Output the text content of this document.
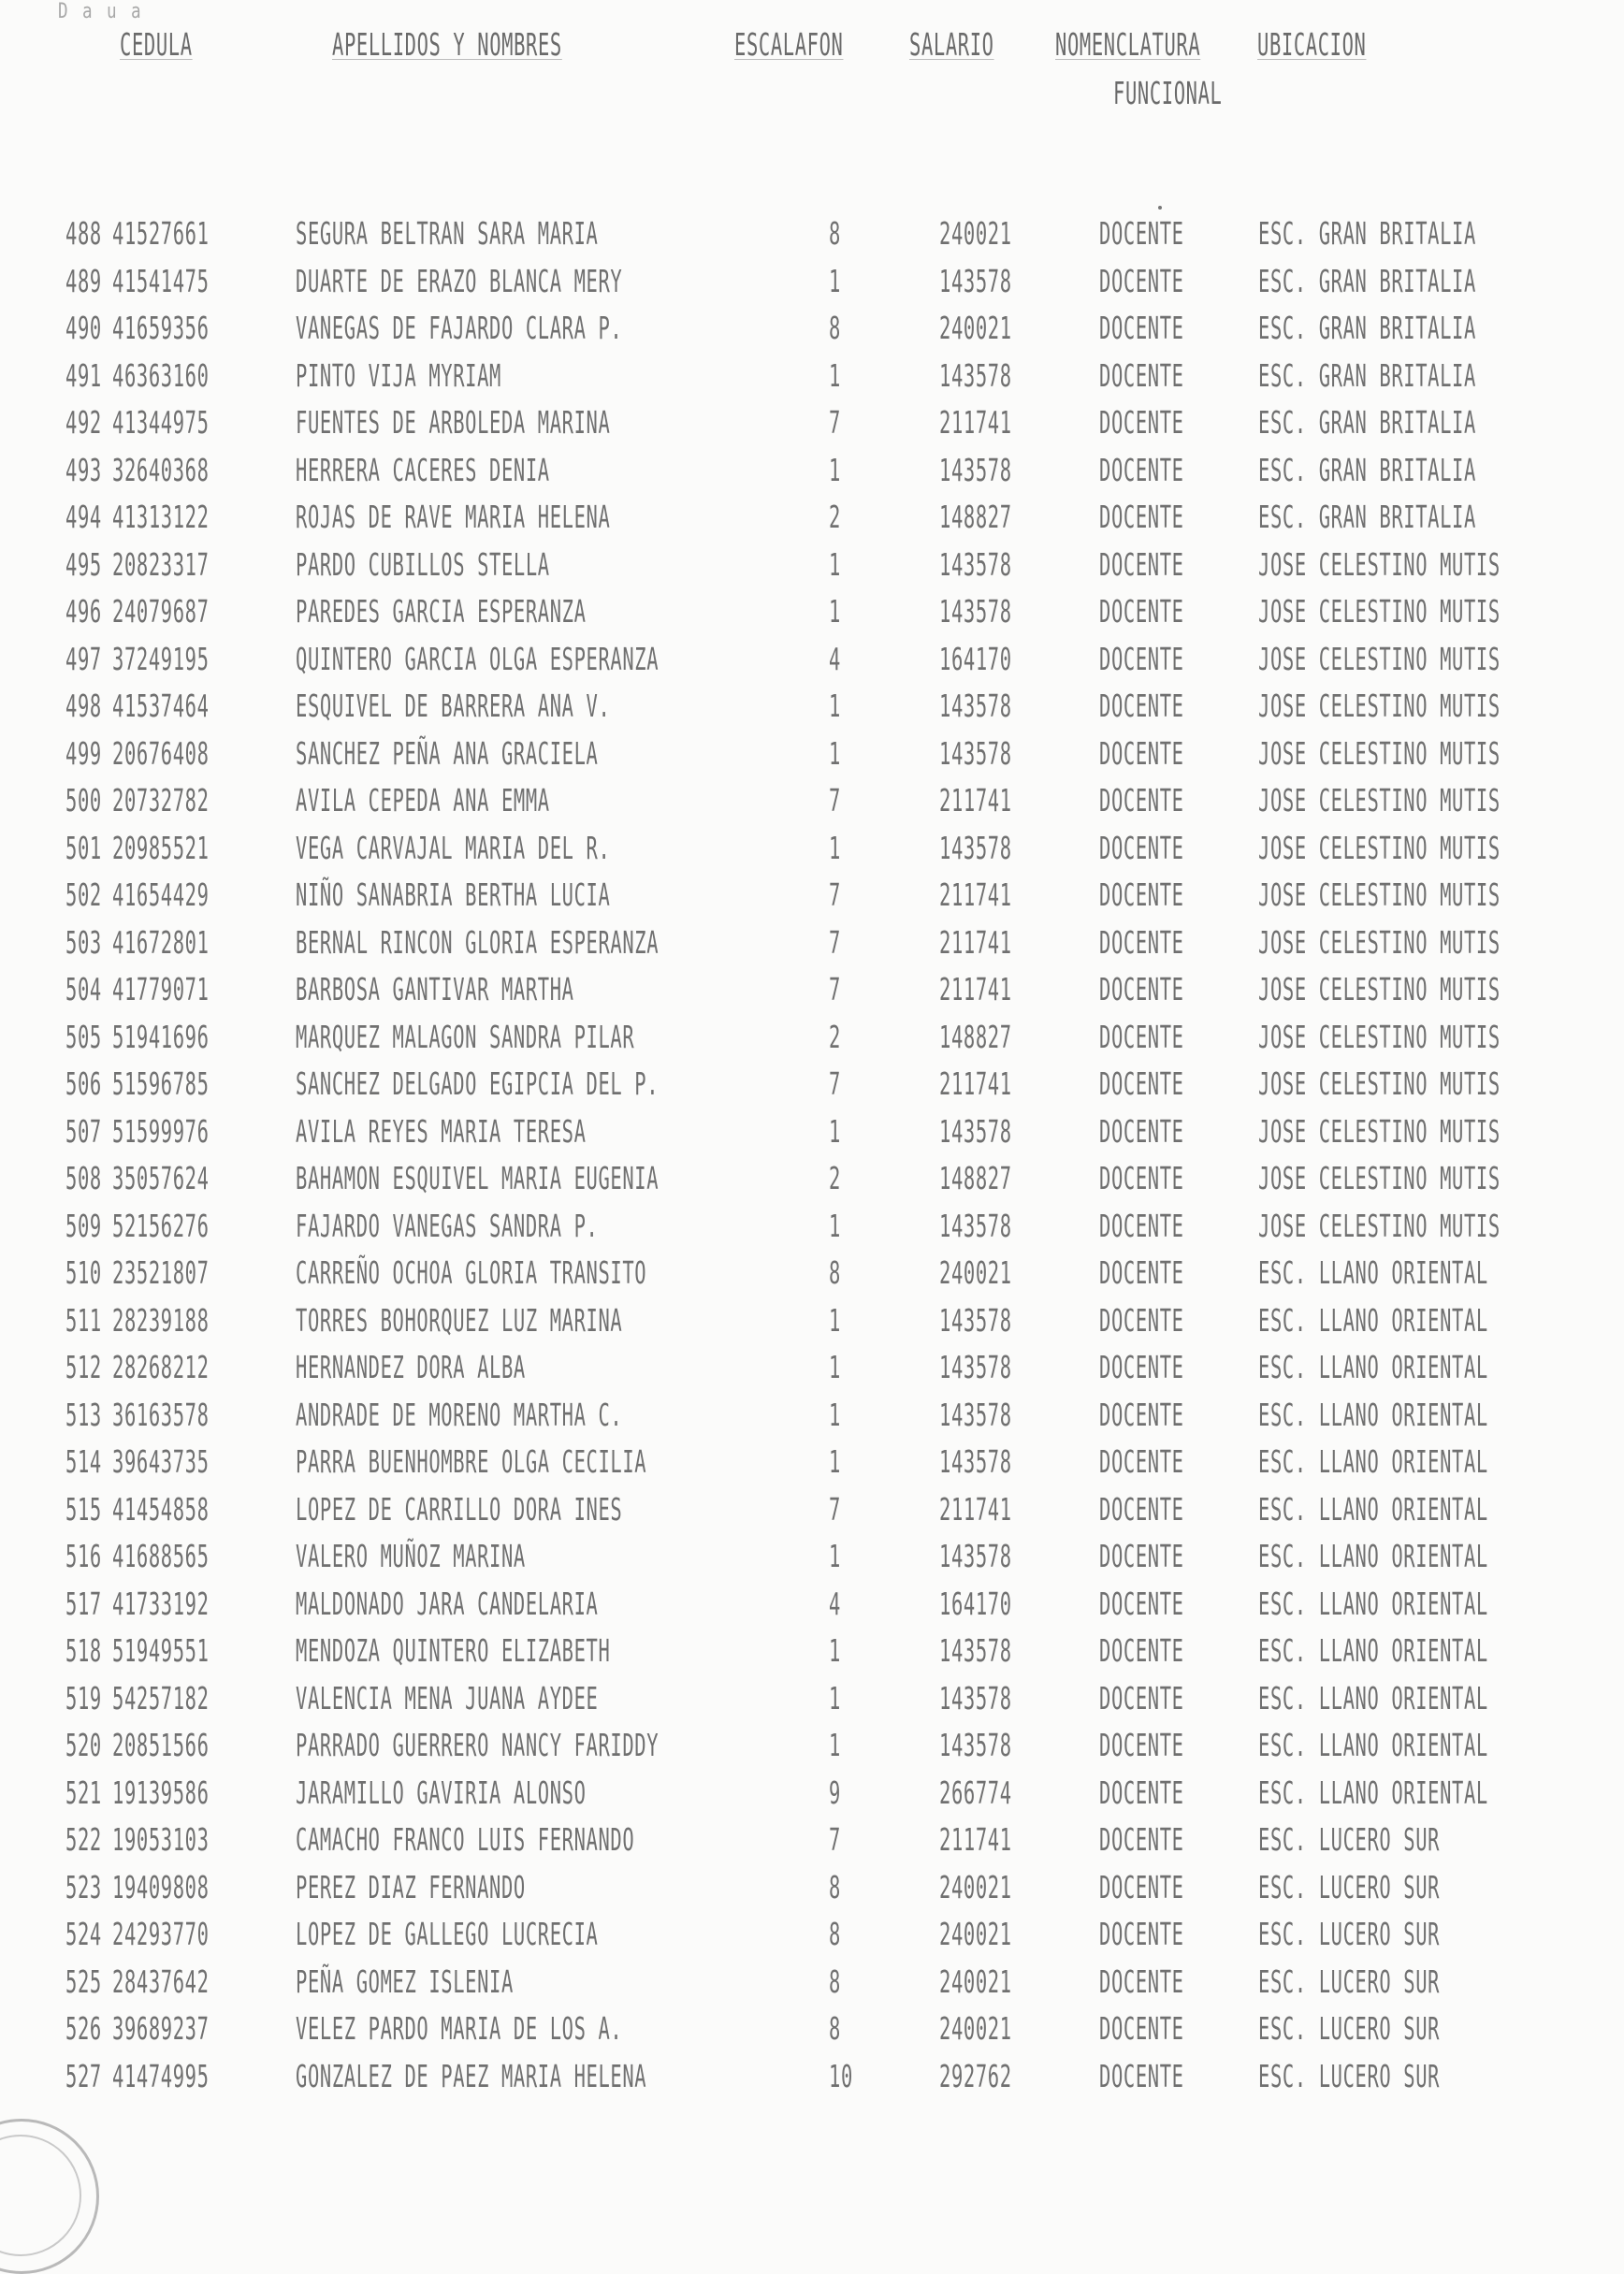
D a u a
CEDULA	APELLIDOS Y NOMBRES	ESCALAFON SALARIO NOMENCLATURA UBICACION
FUNCIONAL
488 41527661	SEGURA BELTRAN SARA MARIA	8	240021	DOCENTE ESC. GRAN BRITALIA
489 41541475	DUARTE DE ERAZO BLANCA MERY	1	143578	DOCENTE ESC. GRAN BRITALIA
490 41659356	VANEGAS DE FAJARDO CLARA P.	8	240021	DOCENTE ESC. GRAN BRITALIA
491 46363160	PINTO VIJA MYRIAM	1	143578	DOCENTE ESC. GRAN BRITALIA
492 41344975	FUENTES DE ARBOLEDA MARINA	7	211741	DOCENTE ESC. GRAN BRITALIA
493 32640368	HERRERA CACERES DENIA	1	143578	DOCENTE ESC. GRAN BRITALIA
494 41313122	ROJAS DE RAVE MARIA HELENA	2	148827	DOCENTE ESC. GRAN BRITALIA
495 20823317	PARDO CUBILLOS STELLA	1	143578	DOCENTE JOSE CELESTINO MUTIS
496 24079687	PAREDES GARCIA ESPERANZA	1	143578	DOCENTE JOSE CELESTINO MUTIS
497 37249195	QUINTERO GARCIA OLGA ESPERANZA	4	164170	DOCENTE JOSE CELESTINO MUTIS
498 41537464	ESQUIVEL DE BARRERA ANA V.	1	143578	DOCENTE JOSE CELESTINO MUTIS
499 20676408	SANCHEZ PEÑA ANA GRACIELA	1	143578	DOCENTE JOSE CELESTINO MUTIS
500 20732782	AVILA CEPEDA ANA EMMA	7	211741	DOCENTE JOSE CELESTINO MUTIS
501 20985521	VEGA CARVAJAL MARIA DEL R.	1	143578	DOCENTE JOSE CELESTINO MUTIS
502 41654429	NIÑO SANABRIA BERTHA LUCIA	7	211741	DOCENTE JOSE CELESTINO MUTIS
503 41672801	BERNAL RINCON GLORIA ESPERANZA	7	211741	DOCENTE JOSE CELESTINO MUTIS
504 41779071	BARBOSA GANTIVAR MARTHA	7	211741	DOCENTE JOSE CELESTINO MUTIS
505 51941696	MARQUEZ MALAGON SANDRA PILAR	2	148827	DOCENTE JOSE CELESTINO MUTIS
506 51596785	SANCHEZ DELGADO EGIPCIA DEL P.	7	211741	DOCENTE JOSE CELESTINO MUTIS
507 51599976	AVILA REYES MARIA TERESA	1	143578	DOCENTE JOSE CELESTINO MUTIS
508 35057624	BAHAMON ESQUIVEL MARIA EUGENIA	2	148827	DOCENTE JOSE CELESTINO MUTIS
509 52156276	FAJARDO VANEGAS SANDRA P.	1	143578	DOCENTE JOSE CELESTINO MUTIS
510 23521807	CARREÑO OCHOA GLORIA TRANSITO	8	240021	DOCENTE ESC. LLANO ORIENTAL
511 28239188	TORRES BOHORQUEZ LUZ MARINA	1	143578	DOCENTE ESC. LLANO ORIENTAL
512 28268212	HERNANDEZ DORA ALBA	1	143578	DOCENTE ESC. LLANO ORIENTAL
513 36163578	ANDRADE DE MORENO MARTHA C.	1	143578	DOCENTE ESC. LLANO ORIENTAL
514 39643735	PARRA BUENHOMBRE OLGA CECILIA	1	143578	DOCENTE ESC. LLANO ORIENTAL
515 41454858	LOPEZ DE CARRILLO DORA INES	7	211741	DOCENTE ESC. LLANO ORIENTAL
516 41688565	VALERO MUÑOZ MARINA	1	143578	DOCENTE ESC. LLANO ORIENTAL
517 41733192	MALDONADO JARA CANDELARIA	4	164170	DOCENTE ESC. LLANO ORIENTAL
518 51949551	MENDOZA QUINTERO ELIZABETH	1	143578	DOCENTE ESC. LLANO ORIENTAL
519 54257182	VALENCIA MENA JUANA AYDEE	1	143578	DOCENTE ESC. LLANO ORIENTAL
520 20851566	PARRADO GUERRERO NANCY FARIDDY	1	143578	DOCENTE ESC. LLANO ORIENTAL
521 19139586	JARAMILLO GAVIRIA ALONSO	9	266774	DOCENTE ESC. LLANO ORIENTAL
522 19053103	CAMACHO FRANCO LUIS FERNANDO	7	211741	DOCENTE ESC. LUCERO SUR
523 19409808	PEREZ DIAZ FERNANDO	8	240021	DOCENTE ESC. LUCERO SUR
524 24293770	LOPEZ DE GALLEGO LUCRECIA	8	240021	DOCENTE ESC. LUCERO SUR
525 28437642	PEÑA GOMEZ ISLENIA	8	240021	DOCENTE ESC. LUCERO SUR
526 39689237	VELEZ PARDO MARIA DE LOS A.	8	240021	DOCENTE ESC. LUCERO SUR
527 41474995	GONZALEZ DE PAEZ MARIA HELENA	10	292762	DOCENTE ESC. LUCERO SUR
